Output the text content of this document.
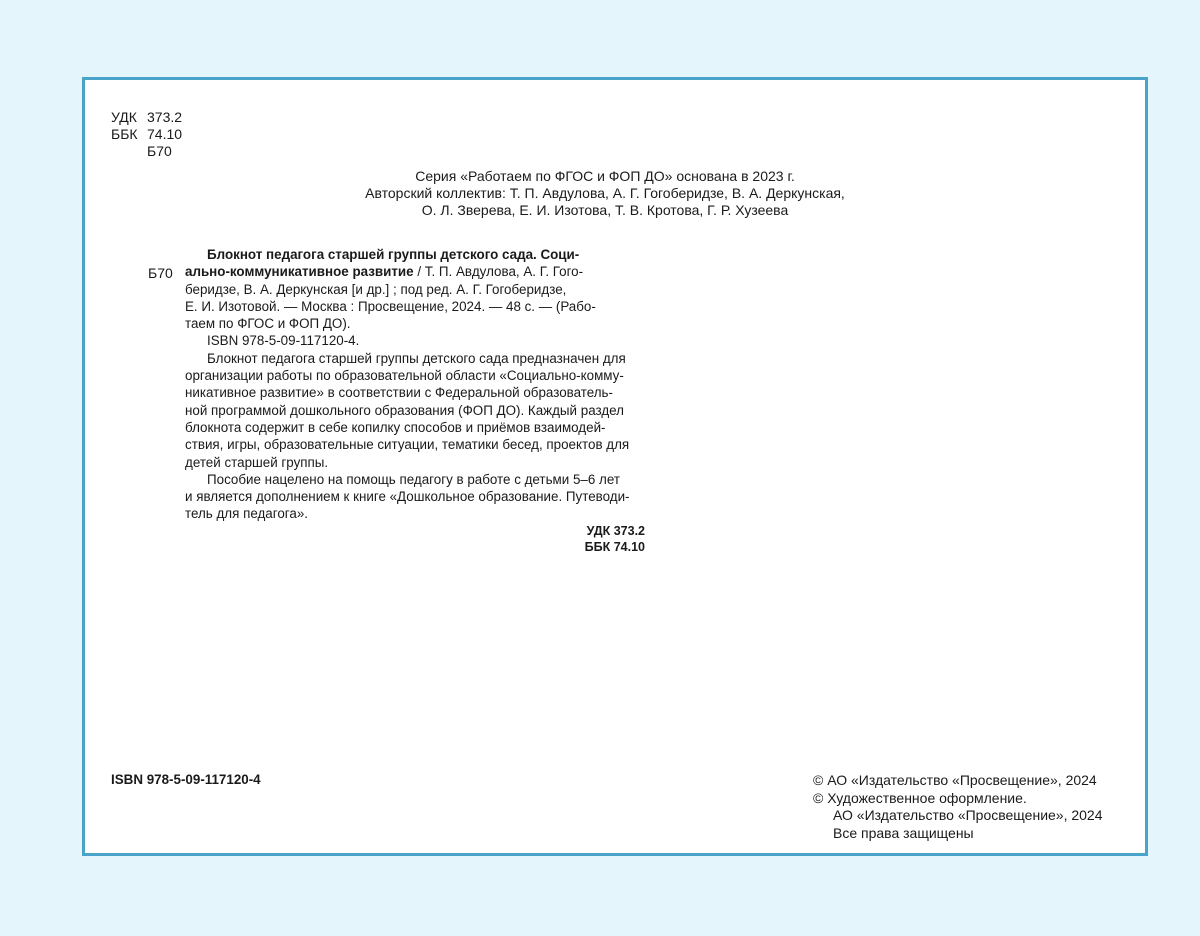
УДК 373.2
ББК 74.10
Б70
Серия «Работаем по ФГОС и ФОП ДО» основана в 2023 г.
Авторский коллектив: Т. П. Авдулова, А. Г. Гогоберидзе, В. А. Деркунская,
О. Л. Зверева, Е. И. Изотова, Т. В. Кротова, Г. Р. Хузеева
Б70
Блокнот педагога старшей группы детского сада. Соци-
ально-коммуникативное развитие / Т. П. Авдулова, А. Г. Гого-
беридзе, В. А. Деркунская [и др.] ; под ред. А. Г. Гогоберидзе,
Е. И. Изотовой. — Москва : Просвещение, 2024. — 48 с. — (Рабо-
таем по ФГОС и ФОП ДО).
ISBN 978-5-09-117120-4.
Блокнот педагога старшей группы детского сада предназначен для
организации работы по образовательной области «Социально-комму-
никативное развитие» в соответствии с Федеральной образователь-
ной программой дошкольного образования (ФОП ДО). Каждый раздел
блокнота содержит в себе копилку способов и приёмов взаимодей-
ствия, игры, образовательные ситуации, тематики бесед, проектов для
детей старшей группы.
Пособие нацелено на помощь педагогу в работе с детьми 5–6 лет
и является дополнением к книге «Дошкольное образование. Путеводи-
тель для педагога».
УДК 373.2
ББК 74.10
ISBN 978-5-09-117120-4	© АО «Издательство «Просвещение», 2024
© Художественное оформление.
АО «Издательство «Просвещение», 2024
Все права защищены
